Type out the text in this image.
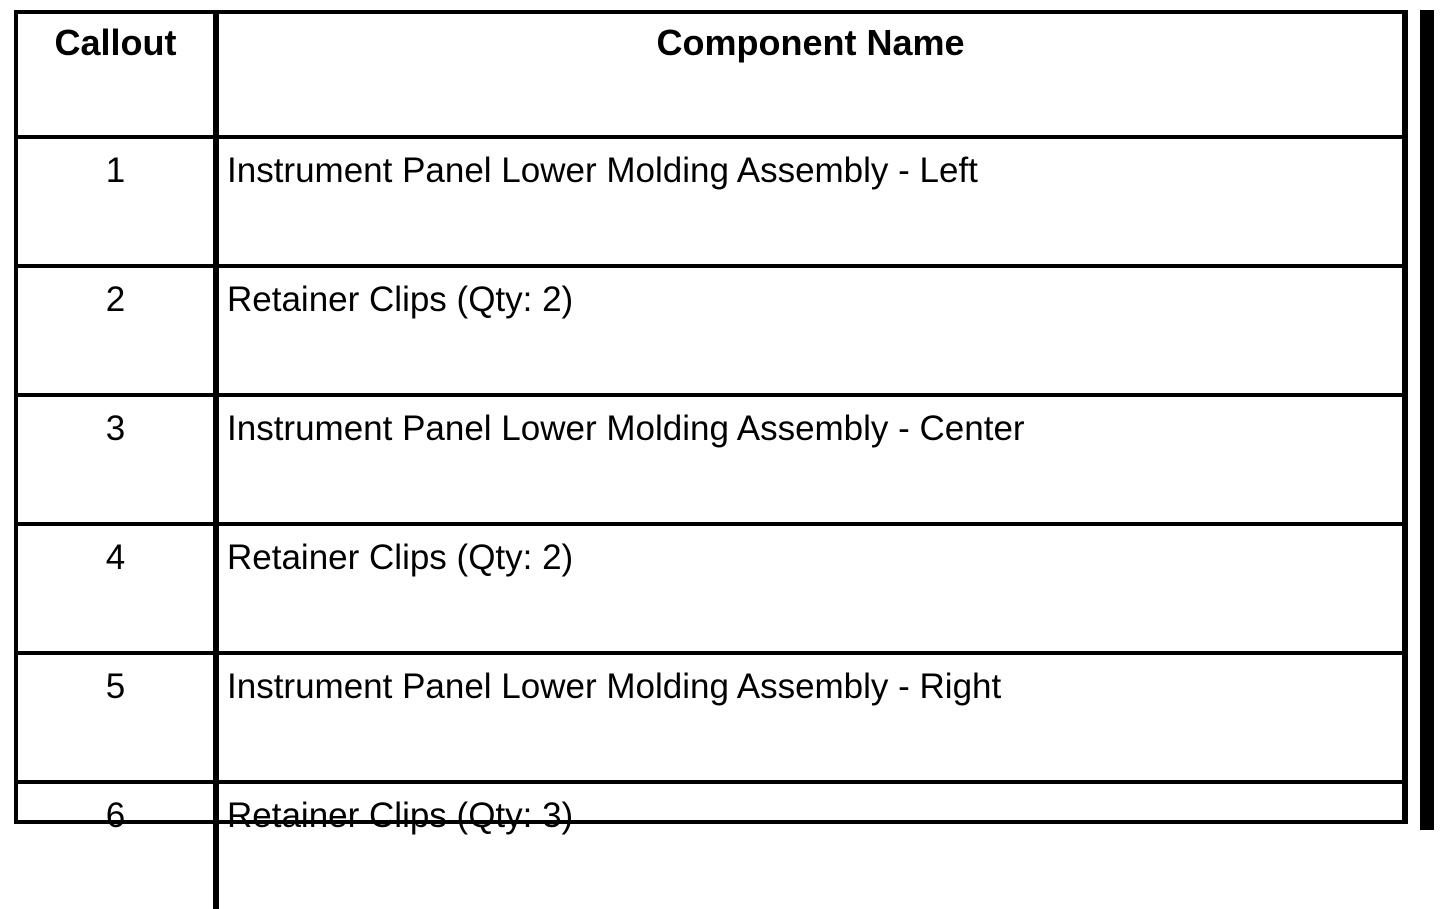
Callout	Component Name
1	Instrument Panel Lower Molding Assembly - Left
2	Retainer Clips (Qty: 2)
3	Instrument Panel Lower Molding Assembly - Center
4	Retainer Clips (Qty: 2)
5	Instrument Panel Lower Molding Assembly - Right
6	Retainer Clips (Qty: 3)
